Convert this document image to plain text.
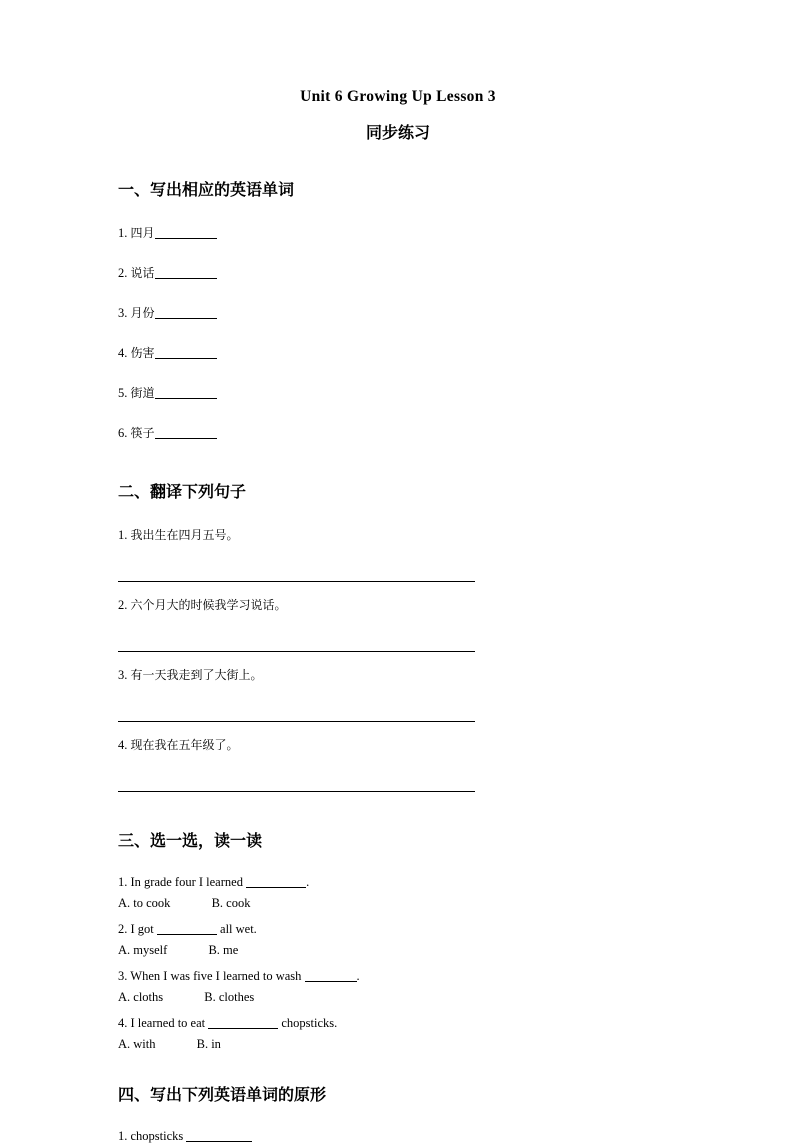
Unit 6 Growing Up Lesson 3
同步练习
一、写出相应的英语单词
1. 四月
2. 说话
3. 月份
4. 伤害
5. 街道
6. 筷子
二、翻译下列句子
1. 我出生在四月五号。
2. 六个月大的时候我学习说话。
3. 有一天我走到了大街上。
4. 现在我在五年级了。
三、选一选，读一读
1. In grade four I learned	.
A. to cook	B. cook
2. I got	all wet.
A. myself	B. me
3. When I was five I learned to wash	.
A. cloths	B. clothes
4. I learned to eat	chopsticks.
A. with	B. in
四、写出下列英语单词的原形
1. chopsticks
